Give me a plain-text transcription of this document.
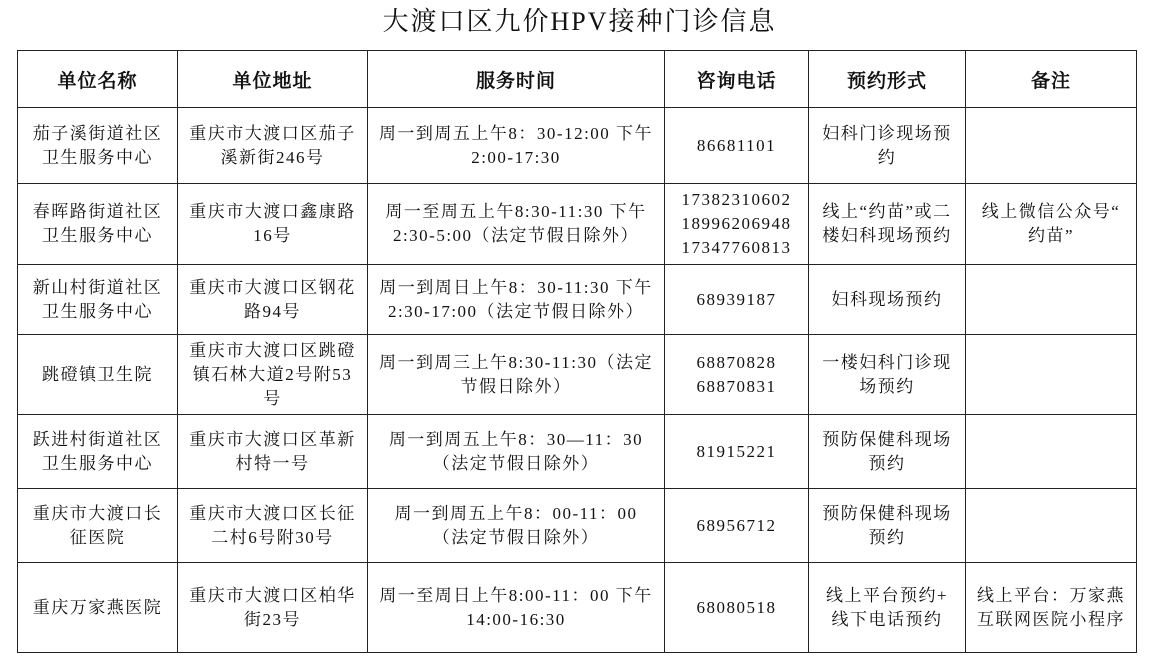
大渡口区九价HPV接种门诊信息
单位名称	单位地址	服务时间	咨询电话	预约形式	备注

茄子溪街道社区
卫生服务中心	重庆市大渡口区茄子
溪新街246号	周一到周五上午8：30-12:00 下午
2:00-17:30	86681101	妇科门诊现场预
约	

春晖路街道社区
卫生服务中心	重庆市大渡口鑫康路
16号	周一至周五上午8:30-11:30 下午
2:30-5:00（法定节假日除外）	17382310602
18996206948
17347760813	线上“约苗”或二
楼妇科现场预约	线上微信公众号“
约苗”

新山村街道社区
卫生服务中心	重庆市大渡口区钢花
路94号	周一到周日上午8：30-11:30 下午
2:30-17:00（法定节假日除外）	68939187	妇科现场预约	

跳磴镇卫生院	重庆市大渡口区跳磴
镇石林大道2号附53
号	周一到周三上午8:30-11:30（法定
节假日除外）	68870828
68870831	一楼妇科门诊现
场预约	

跃进村街道社区
卫生服务中心	重庆市大渡口区革新
村特一号	周一到周五上午8：30—11：30
（法定节假日除外）	81915221	预防保健科现场
预约	

重庆市大渡口长
征医院	重庆市大渡口区长征
二村6号附30号	周一到周五上午8：00-11：00
（法定节假日除外）	68956712	预防保健科现场
预约	

重庆万家燕医院	重庆市大渡口区柏华
街23号	周一至周日上午8:00-11：00 下午
14:00-16:30	68080518	线上平台预约+
线下电话预约	线上平台：万家燕
互联网医院小程序
